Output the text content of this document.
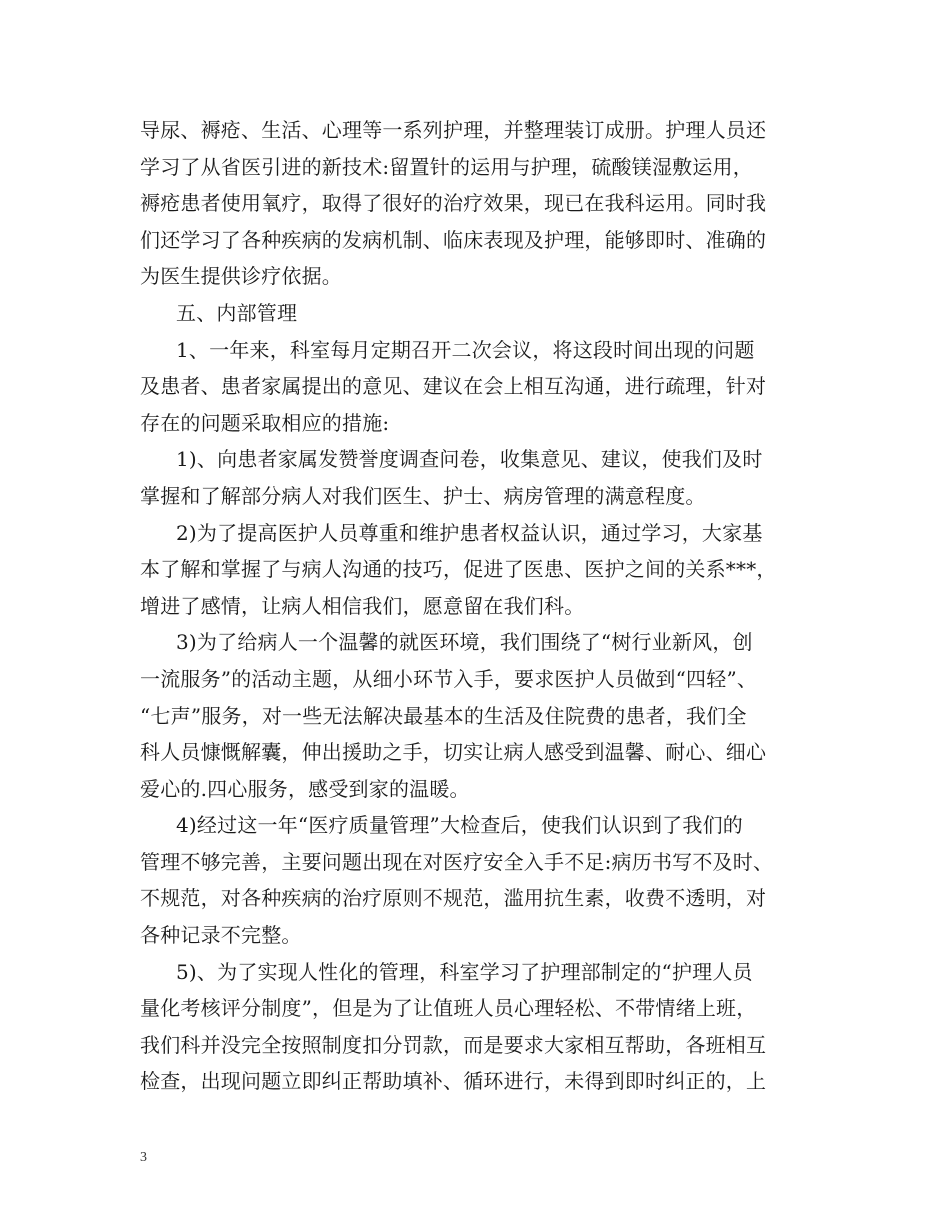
导尿、褥疮、生活、心理等一系列护理，并整理装订成册。护理人员还
学习了从省医引进的新技术:留置针的运用与护理，硫酸镁湿敷运用，
褥疮患者使用氧疗，取得了很好的治疗效果，现已在我科运用。同时我
们还学习了各种疾病的发病机制、临床表现及护理，能够即时、准确的
为医生提供诊疗依据。
五、内部管理
1、一年来，科室每月定期召开二次会议，将这段时间出现的问题
及患者、患者家属提出的意见、建议在会上相互沟通，进行疏理，针对
存在的问题采取相应的措施:
1)、向患者家属发赞誉度调查问卷，收集意见、建议，使我们及时
掌握和了解部分病人对我们医生、护士、病房管理的满意程度。
2)为了提高医护人员尊重和维护患者权益认识，通过学习，大家基
本了解和掌握了与病人沟通的技巧，促进了医患、医护之间的关系***，
增进了感情，让病人相信我们，愿意留在我们科。
3)为了给病人一个温馨的就医环境，我们围绕了“树行业新风，创
一流服务”的活动主题，从细小环节入手，要求医护人员做到“四轻”、
“七声”服务，对一些无法解决最基本的生活及住院费的患者，我们全
科人员慷慨解囊，伸出援助之手，切实让病人感受到温馨、耐心、细心
爱心的.四心服务，感受到家的温暖。
4)经过这一年“医疗质量管理”大检查后，使我们认识到了我们的
管理不够完善，主要问题出现在对医疗安全入手不足:病历书写不及时、
不规范，对各种疾病的治疗原则不规范，滥用抗生素，收费不透明，对
各种记录不完整。
5)、为了实现人性化的管理，科室学习了护理部制定的“护理人员
量化考核评分制度”，但是为了让值班人员心理轻松、不带情绪上班，
我们科并没完全按照制度扣分罚款，而是要求大家相互帮助，各班相互
检查，出现问题立即纠正帮助填补、循环进行，未得到即时纠正的，上
3
